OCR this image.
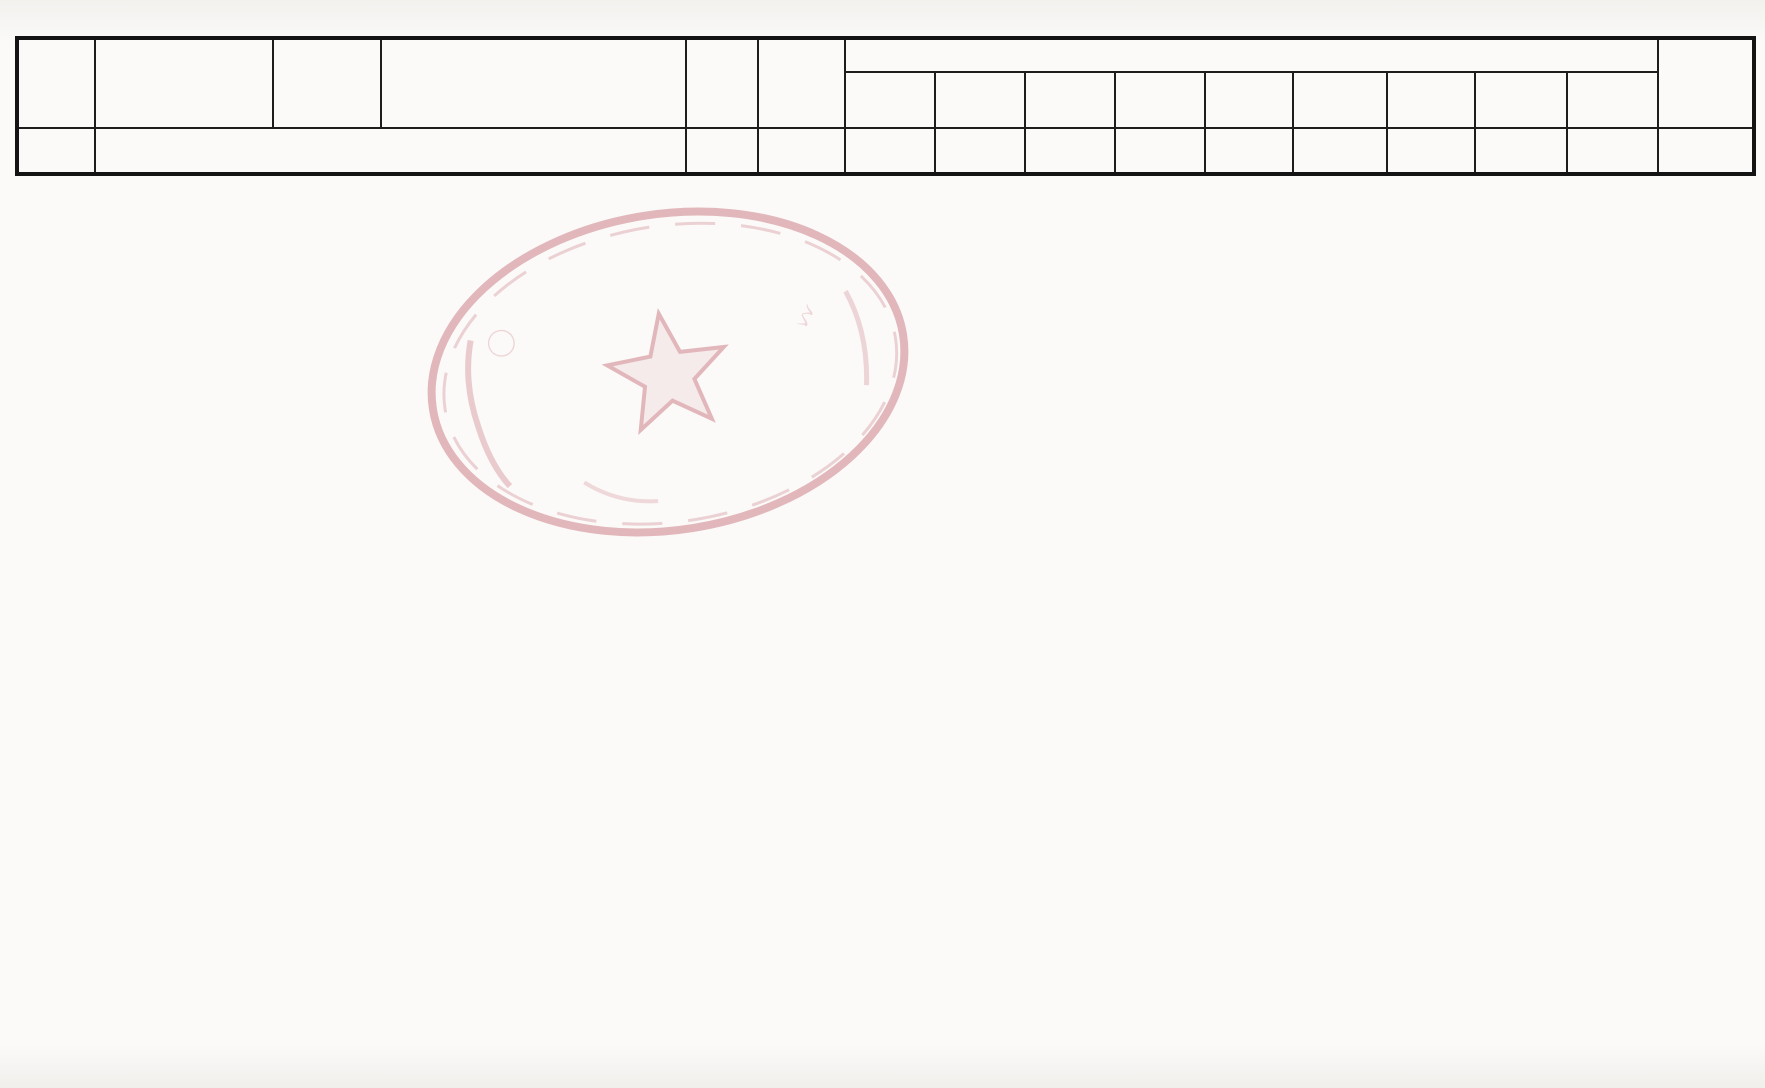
〇
〻
